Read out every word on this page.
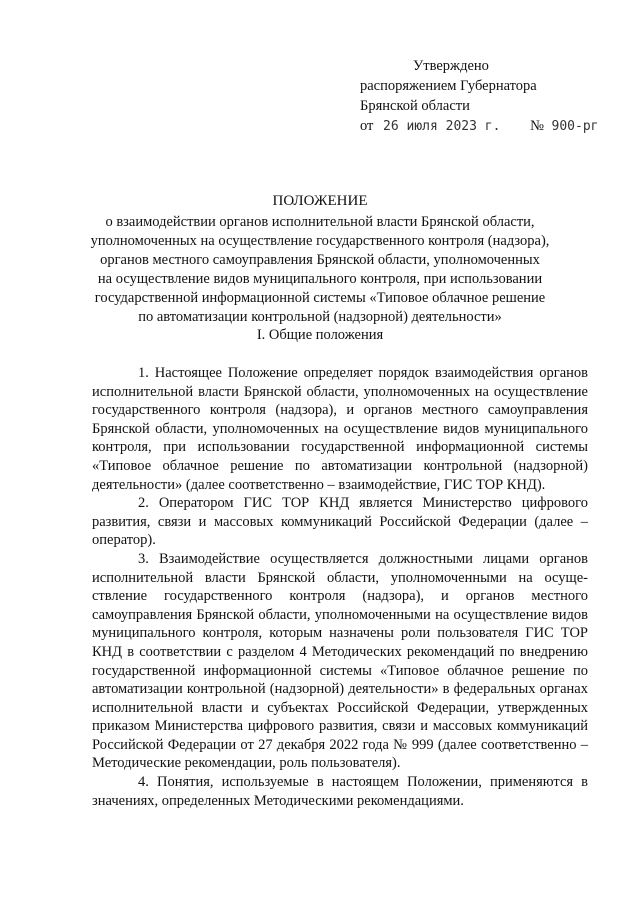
Утверждено
распоряжением Губернатора
Брянской области
от 26 июля 2023 г. № 900-рг
ПОЛОЖЕНИЕ
о взаимодействии органов исполнительной власти Брянской области,
уполномоченных на осуществление государственного контроля (надзора),
органов местного самоуправления Брянской области, уполномоченных
на осуществление видов муниципального контроля, при использовании
государственной информационной системы «Типовое облачное решение
по автоматизации контрольной (надзорной) деятельности»
I. Общие положения

1. Настоящее Положение определяет порядок взаимодействия органов исполнительной власти Брянской области, уполномоченных на осуществление государственного контроля (надзора), и органов местного самоуправления Брянской области, уполномоченных на осуществление видов муниципального контроля, при использовании государственной информационной системы «Типовое облачное решение по автоматизации контрольной (надзорной) деятельности» (далее соответственно – взаимодействие, ГИС ТОР КНД).

2. Оператором ГИС ТОР КНД является Министерство цифрового развития, связи и массовых коммуникаций Российской Федерации (далее – оператор).

3. Взаимодействие осуществляется должностными лицами органов исполнительной власти Брянской области, уполномоченными на осуществление государственного контроля (надзора), и органов местного самоуправления Брянской области, уполномоченными на осуществление видов муниципального контроля, которым назначены роли пользователя ГИС ТОР КНД в соответствии с разделом 4 Методических рекомендаций по внедрению государственной информационной системы «Типовое облачное решение по автоматизации контрольной (надзорной) деятельности» в федеральных органах исполнительной власти и субъектах Российской Федерации, утвержденных приказом Министерства цифрового развития, связи и массовых коммуникаций Российской Федерации от 27 декабря 2022 года № 999 (далее соответственно – Методические рекомендации, роль пользователя).

4. Понятия, используемые в настоящем Положении, применяются в значениях, определенных Методическими рекомендациями.
